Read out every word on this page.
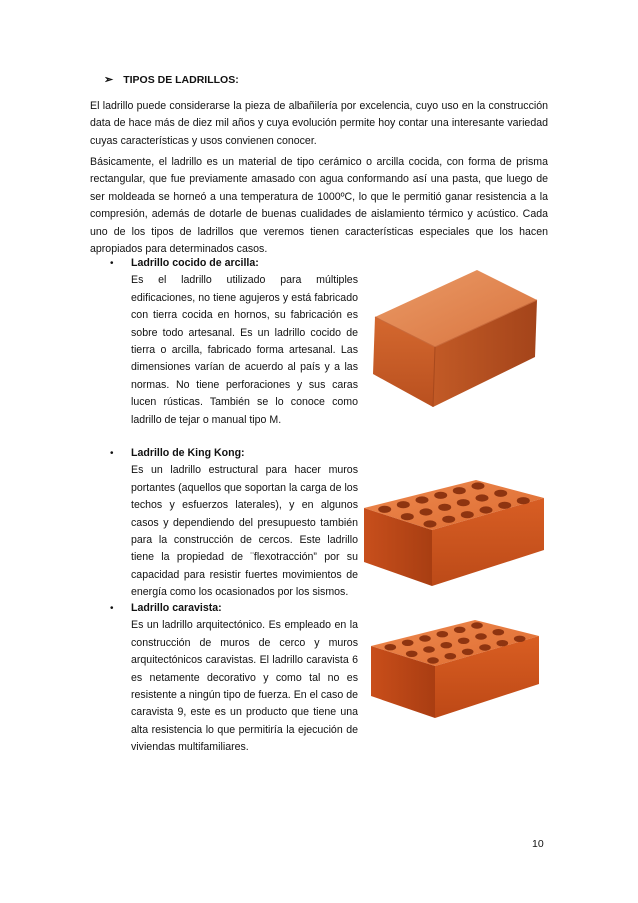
➢ TIPOS DE LADRILLOS:

El ladrillo puede considerarse la pieza de albañilería por excelencia, cuyo uso en la construcción data de hace más de diez mil años y cuya evolución permite hoy contar una interesante variedad cuyas características y usos convienen conocer.

Básicamente, el ladrillo es un material de tipo cerámico o arcilla cocida, con forma de prisma rectangular, que fue previamente amasado con agua conformando así una pasta, que luego de ser moldeada se horneó a una temperatura de 1000ºC, lo que le permitió ganar resistencia a la compresión, además de dotarle de buenas cualidades de aislamiento térmico y acústico. Cada uno de los tipos de ladrillos que veremos tienen características especiales que los hacen apropiados para determinados casos.

• Ladrillo cocido de arcilla:

Es el ladrillo utilizado para múltiples edificaciones, no tiene agujeros y está fabricado con tierra cocida en hornos, su fabricación es sobre todo artesanal. Es un ladrillo cocido de tierra o arcilla, fabricado forma artesanal. Las dimensiones varían de acuerdo al país y a las normas. No tiene perforaciones y sus caras lucen rústicas. También se lo conoce como ladrillo de tejar o manual tipo M.

• Ladrillo de King Kong:

Es un ladrillo estructural para hacer muros portantes (aquellos que soportan la carga de los techos y esfuerzos laterales), y en algunos casos y dependiendo del presupuesto también para la construcción de cercos. Este ladrillo tiene la propiedad de ¨flexotracción” por su capacidad para resistir fuertes movimientos de energía como los ocasionados por los sismos.

• Ladrillo caravista:

Es un ladrillo arquitectónico. Es empleado en la construcción de muros de cerco y muros arquitectónicos caravistas. El ladrillo caravista 6 es netamente decorativo y como tal no es resistente a ningún tipo de fuerza. En el caso de caravista 9, este es un producto que tiene una alta resistencia lo que permitiría la ejecución de viviendas multifamiliares.

10
